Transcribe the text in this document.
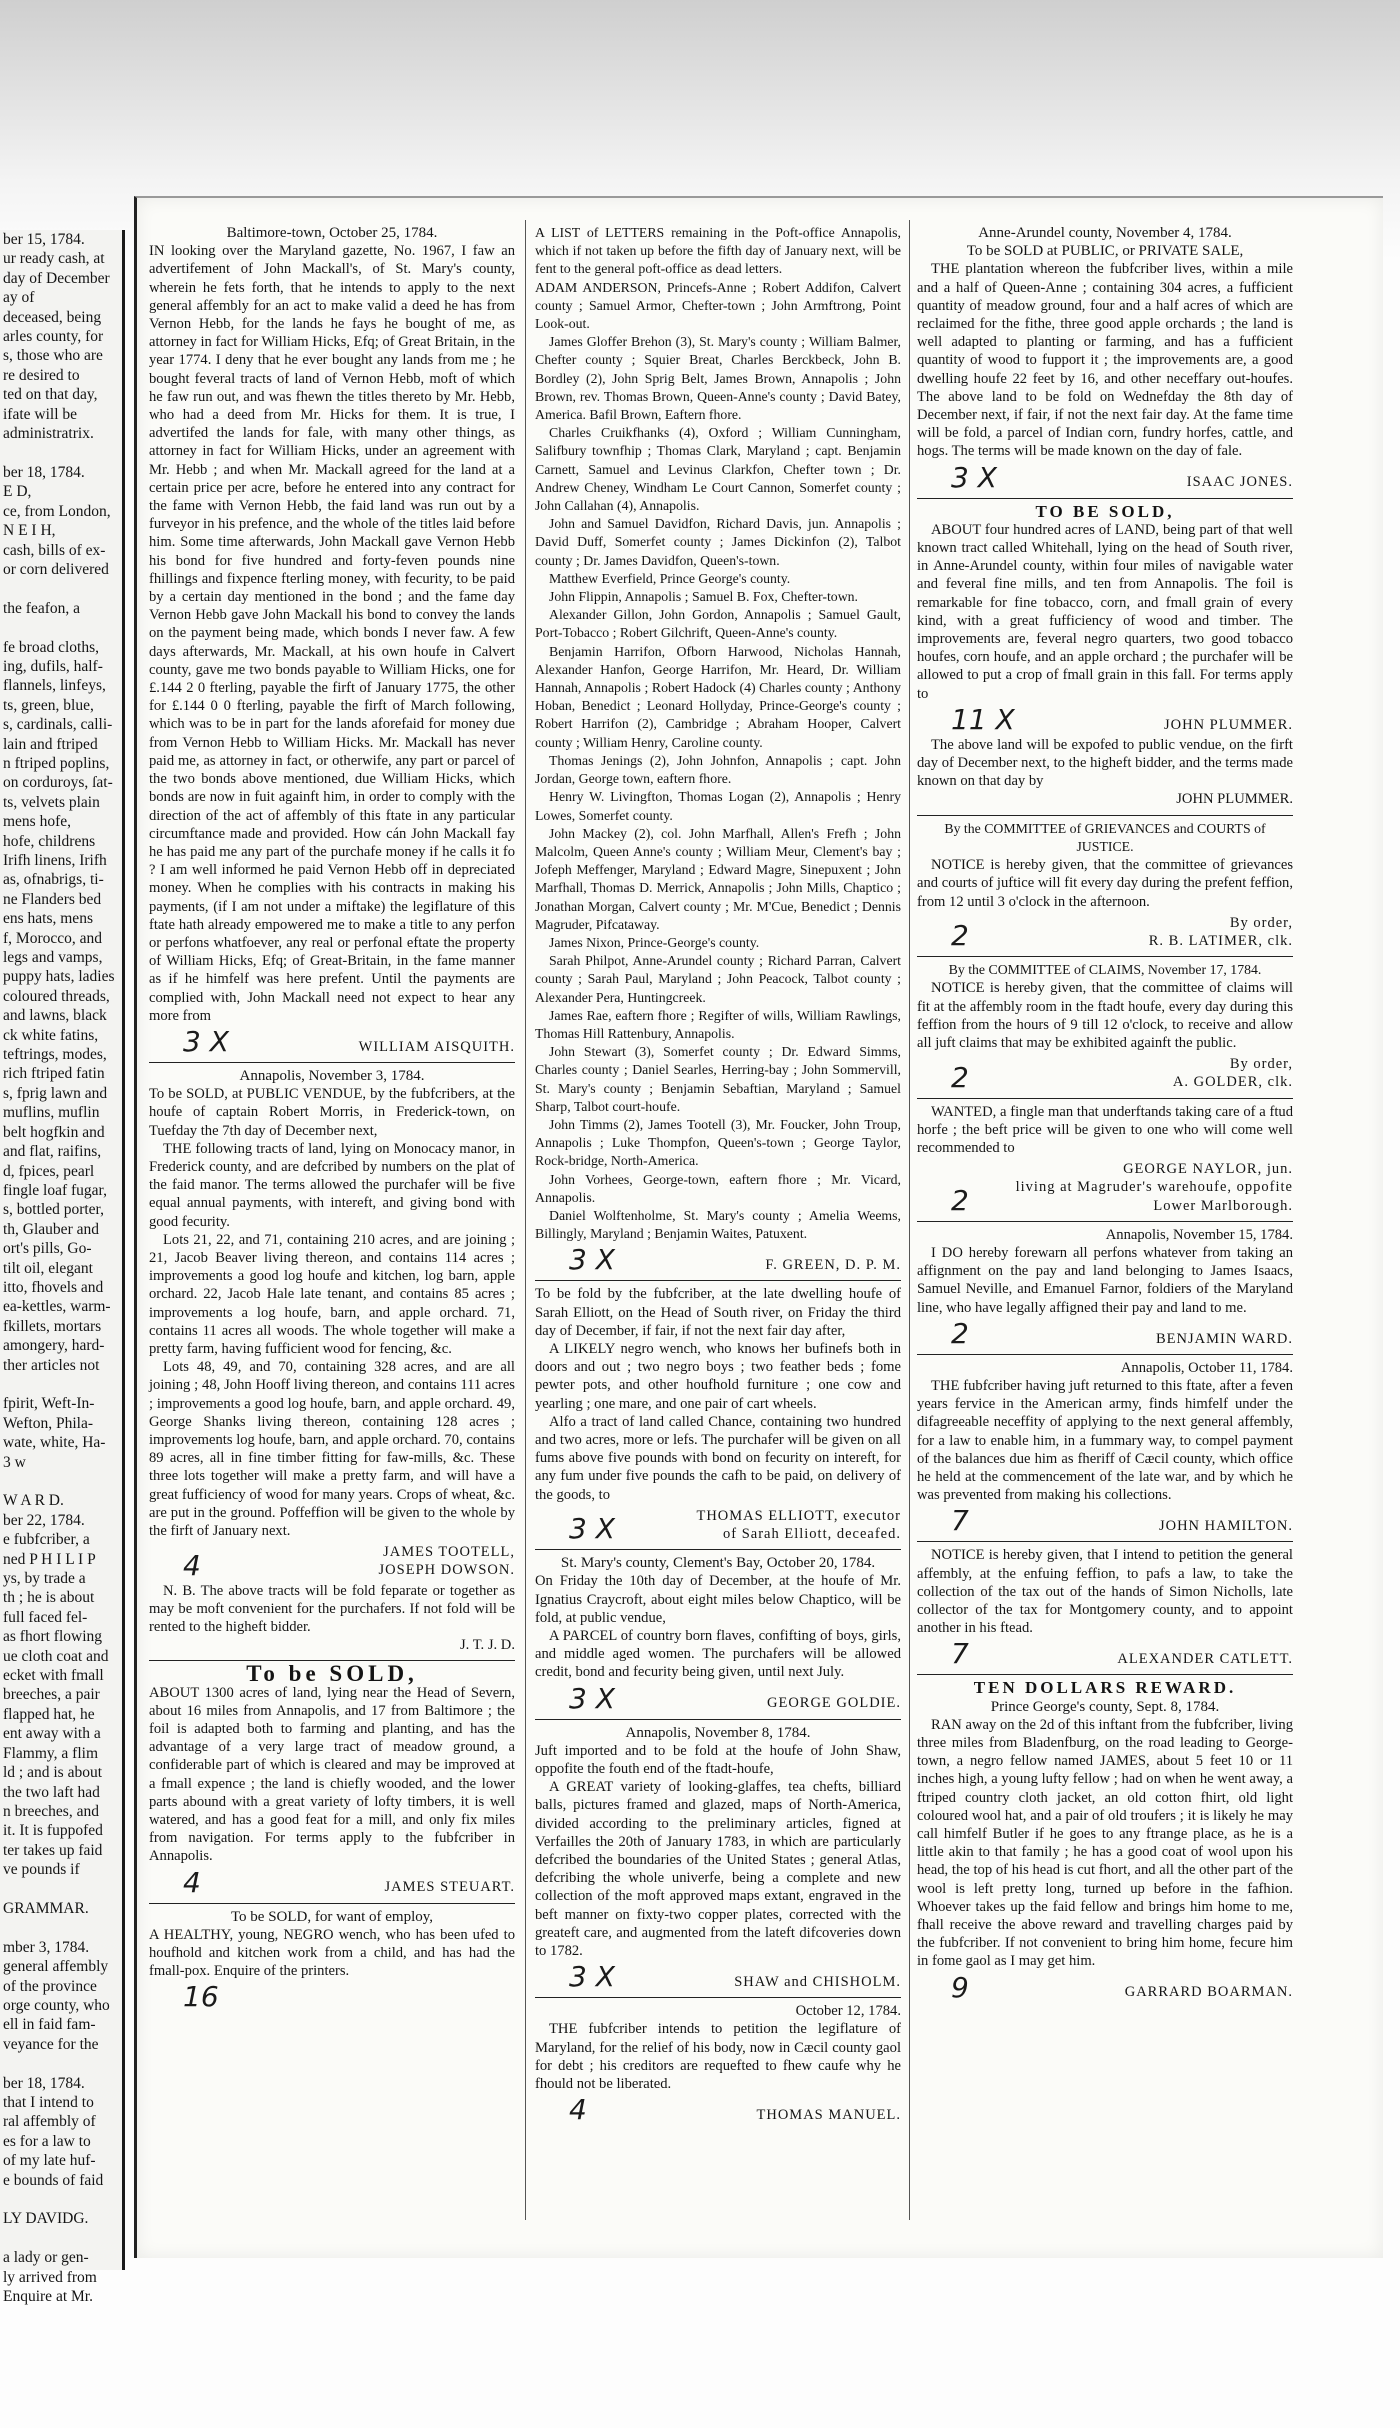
ber 15, 1784.
ur ready cash, at
day of December
ay of
deceased, being
arles county, for
s, those who are
re desired to
ted on that day,
ifate will be
administratrix.

ber 18, 1784.
E D,
ce, from London,
N E I H,
cash, bills of ex-
or corn delivered

the feafon, a

fe broad cloths,
ing, dufils, half-
flannels, linfeys,
ts, green, blue,
s, cardinals, calli-
lain and ftriped
n ftriped poplins,
on corduroys, ſat-
ts, velvets plain
mens hofe,
hofe, childrens
Irifh linens, Irifh
as, ofnabrigs, ti-
ne Flanders bed
ens hats, mens
f, Morocco, and
legs and vamps,
puppy hats, ladies
coloured threads,
and lawns, black
ck white fatins,
teftrings, modes,
rich ftriped fatin
s, fprig lawn and
muflins, muflin
belt hogfkin and
and flat, raifins,
d, fpices, pearl
fingle loaf fugar,
s, bottled porter,
th, Glauber and
ort's pills, Go-
tilt oil, elegant
itto, fhovels and
ea-kettles, warm-
fkillets, mortars
amongery, hard-
ther articles not

fpirit, Weft-In-
Wefton, Phila-
wate, white, Ha-
3 w

W A R D.
ber 22, 1784.
e fubfcriber, a
ned P H I L I P
ys, by trade a
th ; he is about
full faced fel-
as fhort flowing
ue cloth coat and
ecket with fmall
breeches, a pair
flapped hat, he
ent away with a
Flammy, a flim
ld ; and is about
the two laft had
n breeches, and
it. It is fuppofed
ter takes up faid
ve pounds if

GRAMMAR.

mber 3, 1784.
general affembly
of the province
orge county, who
ell in faid fam-
veyance for the

ber 18, 1784.
that I intend to
ral affembly of
es for a law to
of my late huf-
e bounds of faid

LY DAVIDG.

a lady or gen-
ly arrived from
Enquire at Mr.

Baltimore-town, October 25, 1784.

IN looking over the Maryland gazette, No. 1967, I faw an advertifement of John Mackall's, of St. Mary's county, wherein he fets forth, that he intends to apply to the next general affembly for an act to make valid a deed he has from Vernon Hebb, for the lands he fays he bought of me, as attorney in fact for William Hicks, Efq; of Great Britain, in the year 1774. I deny that he ever bought any lands from me ; he bought feveral tracts of land of Vernon Hebb, moft of which he faw run out, and was fhewn the titles thereto by Mr. Hebb, who had a deed from Mr. Hicks for them. It is true, I advertifed the lands for fale, with many other things, as attorney in fact for William Hicks, under an agreement with Mr. Hebb ; and when Mr. Mackall agreed for the land at a certain price per acre, before he entered into any contract for the fame with Vernon Hebb, the faid land was run out by a furveyor in his prefence, and the whole of the titles laid before him. Some time afterwards, John Mackall gave Vernon Hebb his bond for five hundred and forty-feven pounds nine fhillings and fixpence fterling money, with fecurity, to be paid by a certain day mentioned in the bond ; and the fame day Vernon Hebb gave John Mackall his bond to convey the lands on the payment being made, which bonds I never faw. A few days afterwards, Mr. Mackall, at his own houfe in Calvert county, gave me two bonds payable to William Hicks, one for £.144 2 0 fterling, payable the firft of January 1775, the other for £.144 0 0 fterling, payable the firft of March following, which was to be in part for the lands aforefaid for money due from Vernon Hebb to William Hicks. Mr. Mackall has never paid me, as attorney in fact, or otherwife, any part or parcel of the two bonds above mentioned, due William Hicks, which bonds are now in fuit againft him, in order to comply with the direction of the act of affembly of this ftate in any particular circumftance made and provided. How cán John Mackall fay he has paid me any part of the purchafe money if he calls it fo ? I am well informed he paid Vernon Hebb off in depreciated money. When he complies with his contracts in making his payments, (if I am not under a miftake) the legiflature of this ftate hath already empowered me to make a title to any perfon or perfons whatfoever, any real or perfonal eftate the property of William Hicks, Efq; of Great-Britain, in the fame manner as if he himfelf was here prefent. Until the payments are complied with, John Mackall need not expect to hear any more from

3 X	WILLIAM AISQUITH.

Annapolis, November 3, 1784.

To be SOLD, at PUBLIC VENDUE, by the fubfcribers, at the houfe of captain Robert Morris, in Frederick-town, on Tuefday the 7th day of December next,

THE following tracts of land, lying on Monocacy manor, in Frederick county, and are defcribed by numbers on the plat of the faid manor. The terms allowed the purchafer will be five equal annual payments, with intereft, and giving bond with good fecurity.

Lots 21, 22, and 71, containing 210 acres, and are joining ; 21, Jacob Beaver living thereon, and contains 114 acres ; improvements a good log houfe and kitchen, log barn, apple orchard. 22, Jacob Hale late tenant, and contains 85 acres ; improvements a log houfe, barn, and apple orchard. 71, contains 11 acres all woods. The whole together will make a pretty farm, having fufficient wood for fencing, &c.

Lots 48, 49, and 70, containing 328 acres, and are all joining ; 48, John Hooff living thereon, and contains 111 acres ; improvements a good log houfe, barn, and apple orchard. 49, George Shanks living thereon, containing 128 acres ; improvements log houfe, barn, and apple orchard. 70, contains 89 acres, all in fine timber fitting for faw-mills, &c. These three lots together will make a pretty farm, and will have a great fufficiency of wood for many years. Crops of wheat, &c. are put in the ground. Poffeffion will be given to the whole by the firft of January next.

4	JAMES TOOTELL,
JOSEPH DOWSON.

N. B. The above tracts will be fold feparate or together as may be moft convenient for the purchafers. If not fold will be rented to the higheft bidder.

J. T. J. D.

To be SOLD,

ABOUT 1300 acres of land, lying near the Head of Severn, about 16 miles from Annapolis, and 17 from Baltimore ; the foil is adapted both to farming and planting, and has the advantage of a very large tract of meadow ground, a confiderable part of which is cleared and may be improved at a fmall expence ; the land is chiefly wooded, and the lower parts abound with a great variety of lofty timbers, it is well watered, and has a good feat for a mill, and only fix miles from navigation. For terms apply to the fubfcriber in Annapolis.

4	JAMES STEUART.

To be SOLD, for want of employ,

A HEALTHY, young, NEGRO wench, who has been ufed to houfhold and kitchen work from a child, and has had the fmall-pox. Enquire of the printers.

16

A LIST of LETTERS remaining in the Poft-office Annapolis, which if not taken up before the fifth day of January next, will be fent to the general poft-office as dead letters.

ADAM ANDERSON, Princefs-Anne ; Robert Addifon, Calvert county ; Samuel Armor, Chefter-town ; John Armftrong, Point Look-out.

James Gloffer Brehon (3), St. Mary's county ; William Balmer, Chefter county ; Squier Breat, Charles Berckbeck, John B. Bordley (2), John Sprig Belt, James Brown, Annapolis ; John Brown, rev. Thomas Brown, Queen-Anne's county ; David Batey, America. Bafil Brown, Eaftern fhore.

Charles Cruikfhanks (4), Oxford ; William Cunningham, Salifbury townfhip ; Thomas Clark, Maryland ; capt. Benjamin Carnett, Samuel and Levinus Clarkfon, Chefter town ; Dr. Andrew Cheney, Windham Le Court Cannon, Somerfet county ; John Callahan (4), Annapolis.

John and Samuel Davidfon, Richard Davis, jun. Annapolis ; David Duff, Somerfet county ; James Dickinfon (2), Talbot county ; Dr. James Davidfon, Queen's-town.

Matthew Everfield, Prince George's county.

John Flippin, Annapolis ; Samuel B. Fox, Chefter-town.

Alexander Gillon, John Gordon, Annapolis ; Samuel Gault, Port-Tobacco ; Robert Gilchrift, Queen-Anne's county.

Benjamin Harrifon, Ofborn Harwood, Nicholas Hannah, Alexander Hanfon, George Harrifon, Mr. Heard, Dr. William Hannah, Annapolis ; Robert Hadock (4) Charles county ; Anthony Hoban, Benedict ; Leonard Hollyday, Prince-George's county ; Robert Harrifon (2), Cambridge ; Abraham Hooper, Calvert county ; William Henry, Caroline county.

Thomas Jenings (2), John Johnfon, Annapolis ; capt. John Jordan, George town, eaftern fhore.

Henry W. Livingfton, Thomas Logan (2), Annapolis ; Henry Lowes, Somerfet county.

John Mackey (2), col. John Marfhall, Allen's Frefh ; John Malcolm, Queen Anne's county ; William Meur, Clement's bay ; Jofeph Meffenger, Maryland ; Edward Magre, Sinepuxent ; John Marfhall, Thomas D. Merrick, Annapolis ; John Mills, Chaptico ; Jonathan Morgan, Calvert county ; Mr. M'Cue, Benedict ; Dennis Magruder, Pifcataway.

James Nixon, Prince-George's county.

Sarah Philpot, Anne-Arundel county ; Richard Parran, Calvert county ; Sarah Paul, Maryland ; John Peacock, Talbot county ; Alexander Pera, Huntingcreek.

James Rae, eaftern fhore ; Regifter of wills, William Rawlings, Thomas Hill Rattenbury, Annapolis.

John Stewart (3), Somerfet county ; Dr. Edward Simms, Charles county ; Daniel Searles, Herring-bay ; John Sommervill, St. Mary's county ; Benjamin Sebaftian, Maryland ; Samuel Sharp, Talbot court-houfe.

John Timms (2), James Tootell (3), Mr. Foucker, John Troup, Annapolis ; Luke Thompfon, Queen's-town ; George Taylor, Rock-bridge, North-America.

John Vorhees, George-town, eaftern fhore ; Mr. Vicard, Annapolis.

Daniel Wolftenholme, St. Mary's county ; Amelia Weems, Billingly, Maryland ; Benjamin Waites, Patuxent.

3 X	F. GREEN, D. P. M.

To be fold by the fubfcriber, at the late dwelling houfe of Sarah Elliott, on the Head of South river, on Friday the third day of December, if fair, if not the next fair day after,

A LIKELY negro wench, who knows her bufinefs both in doors and out ; two negro boys ; two feather beds ; fome pewter pots, and other houfhold furniture ; one cow and yearling ; one mare, and one pair of cart wheels.

Alfo a tract of land called Chance, containing two hundred and two acres, more or lefs. The purchafer will be given on all fums above five pounds with bond on fecurity on intereft, for any fum under five pounds the cafh to be paid, on delivery of the goods, to

3 X	THOMAS ELLIOTT, executor
of Sarah Elliott, deceafed.

St. Mary's county, Clement's Bay, October 20, 1784.

On Friday the 10th day of December, at the houfe of Mr. Ignatius Craycroft, about eight miles below Chaptico, will be fold, at public vendue,

A PARCEL of country born flaves, confifting of boys, girls, and middle aged women. The purchafers will be allowed credit, bond and fecurity being given, until next July.

3 X	GEORGE GOLDIE.

Annapolis, November 8, 1784.

Juft imported and to be fold at the houfe of John Shaw, oppofite the fouth end of the ftadt-houfe,

A GREAT variety of looking-glaffes, tea chefts, billiard balls, pictures framed and glazed, maps of North-America, divided according to the preliminary articles, figned at Verfailles the 20th of January 1783, in which are particularly defcribed the boundaries of the United States ; general Atlas, defcribing the whole univerfe, being a complete and new collection of the moft approved maps extant, engraved in the beft manner on fixty-two copper plates, corrected with the greateft care, and augmented from the lateft difcoveries down to 1782.

3 X	SHAW and CHISHOLM.

October 12, 1784.

THE fubfcriber intends to petition the legiflature of Maryland, for the relief of his body, now in Cæcil county gaol for debt ; his creditors are requefted to fhew caufe why he fhould not be liberated.

4	THOMAS MANUEL.

Anne-Arundel county, November 4, 1784.

To be SOLD at PUBLIC, or PRIVATE SALE,

THE plantation whereon the fubfcriber lives, within a mile and a half of Queen-Anne ; containing 304 acres, a fufficient quantity of meadow ground, four and a half acres of which are reclaimed for the fithe, three good apple orchards ; the land is well adapted to planting or farming, and has a fufficient quantity of wood to fupport it ; the improvements are, a good dwelling houfe 22 feet by 16, and other neceffary out-houfes. The above land to be fold on Wednefday the 8th day of December next, if fair, if not the next fair day. At the fame time will be fold, a parcel of Indian corn, fundry horfes, cattle, and hogs. The terms will be made known on the day of fale.

3 X	ISAAC JONES.

TO BE SOLD,

ABOUT four hundred acres of LAND, being part of that well known tract called Whitehall, lying on the head of South river, in Anne-Arundel county, within four miles of navigable water and feveral fine mills, and ten from Annapolis. The foil is remarkable for fine tobacco, corn, and fmall grain of every kind, with a great fufficiency of wood and timber. The improvements are, feveral negro quarters, two good tobacco houfes, corn houfe, and an apple orchard ; the purchafer will be allowed to put a crop of fmall grain in this fall. For terms apply to

11 X	JOHN PLUMMER.

The above land will be expofed to public vendue, on the firft day of December next, to the higheft bidder, and the terms made known on that day by

JOHN PLUMMER.

By the COMMITTEE of GRIEVANCES and COURTS of JUSTICE.

NOTICE is hereby given, that the committee of grievances and courts of juftice will fit every day during the prefent feffion, from 12 until 3 o'clock in the afternoon.

2	By order,
R. B. LATIMER, clk.

By the COMMITTEE of CLAIMS, November 17, 1784.

NOTICE is hereby given, that the committee of claims will fit at the affembly room in the ftadt houfe, every day during this feffion from the hours of 9 till 12 o'clock, to receive and allow all juft claims that may be exhibited againft the public.

2	By order,
A. GOLDER, clk.

WANTED, a fingle man that underftands taking care of a ftud horfe ; the beft price will be given to one who will come well recommended to

2
GEORGE NAYLOR, jun.
living at Magruder's warehoufe, oppofite Lower Marlborough.

Annapolis, November 15, 1784.

I DO hereby forewarn all perfons whatever from taking an affignment on the pay and land belonging to James Isaacs, Samuel Neville, and Emanuel Farnor, foldiers of the Maryland line, who have legally affigned their pay and land to me.

2	BENJAMIN WARD.

Annapolis, October 11, 1784.

THE fubfcriber having juft returned to this ftate, after a feven years fervice in the American army, finds himfelf under the difagreeable neceffity of applying to the next general affembly, for a law to enable him, in a fummary way, to compel payment of the balances due him as fheriff of Cæcil county, which office he held at the commencement of the late war, and by which he was prevented from making his collections.

7	JOHN HAMILTON.

NOTICE is hereby given, that I intend to petition the general affembly, at the enfuing feffion, to pafs a law, to take the collection of the tax out of the hands of Simon Nicholls, late collector of the tax for Montgomery county, and to appoint another in his ftead.

7	ALEXANDER CATLETT.

TEN DOLLARS REWARD.

Prince George's county, Sept. 8, 1784.

RAN away on the 2d of this inftant from the fubfcriber, living three miles from Bladenfburg, on the road leading to George-town, a negro fellow named JAMES, about 5 feet 10 or 11 inches high, a young lufty fellow ; had on when he went away, a ftriped country cloth jacket, an old cotton fhirt, old light coloured wool hat, and a pair of old troufers ; it is likely he may call himfelf Butler if he goes to any ftrange place, as he is a little akin to that family ; he has a good coat of wool upon his head, the top of his head is cut fhort, and all the other part of the wool is left pretty long, turned up before in the fafhion. Whoever takes up the faid fellow and brings him home to me, fhall receive the above reward and travelling charges paid by the fubfcriber. If not convenient to bring him home, fecure him in fome gaol as I may get him.

9	GARRARD BOARMAN.
